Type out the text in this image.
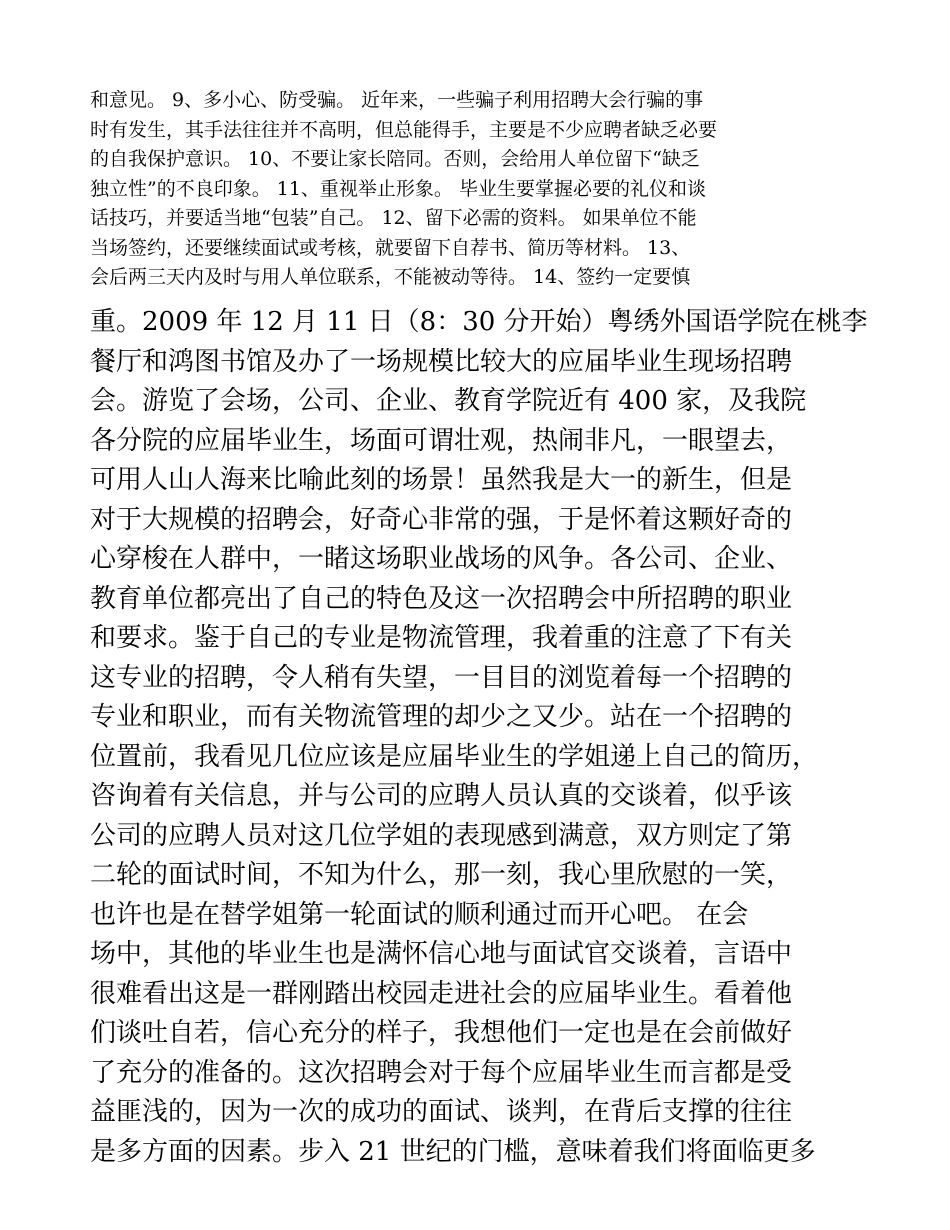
和意见。 9、多小心、防受骗。 近年来，一些骗子利用招聘大会行骗的事
时有发生，其手法往往并不高明，但总能得手，主要是不少应聘者缺乏必要
的自我保护意识。 10、不要让家长陪同。否则，会给用人单位留下“缺乏
独立性”的不良印象。 11、重视举止形象。 毕业生要掌握必要的礼仪和谈
话技巧，并要适当地“包装”自己。 12、留下必需的资料。 如果单位不能
当场签约，还要继续面试或考核，就要留下自荐书、简历等材料。 13、
会后两三天内及时与用人单位联系，不能被动等待。 14、签约一定要慎
重。2009 年 12 月 11 日（8：30 分开始）粤绣外国语学院在桃李
餐厅和鸿图书馆及办了一场规模比较大的应届毕业生现场招聘
会。游览了会场，公司、企业、教育学院近有 400 家，及我院
各分院的应届毕业生，场面可谓壮观，热闹非凡，一眼望去，
可用人山人海来比喻此刻的场景！虽然我是大一的新生，但是
对于大规模的招聘会，好奇心非常的强，于是怀着这颗好奇的
心穿梭在人群中，一睹这场职业战场的风争。各公司、企业、
教育单位都亮出了自己的特色及这一次招聘会中所招聘的职业
和要求。鉴于自己的专业是物流管理，我着重的注意了下有关
这专业的招聘，令人稍有失望，一目目的浏览着每一个招聘的
专业和职业，而有关物流管理的却少之又少。站在一个招聘的
位置前，我看见几位应该是应届毕业生的学姐递上自己的简历，
咨询着有关信息，并与公司的应聘人员认真的交谈着，似乎该
公司的应聘人员对这几位学姐的表现感到满意，双方则定了第
二轮的面试时间，不知为什么，那一刻，我心里欣慰的一笑，
也许也是在替学姐第一轮面试的顺利通过而开心吧。 在会
场中，其他的毕业生也是满怀信心地与面试官交谈着，言语中
很难看出这是一群刚踏出校园走进社会的应届毕业生。看着他
们谈吐自若，信心充分的样子，我想他们一定也是在会前做好
了充分的准备的。这次招聘会对于每个应届毕业生而言都是受
益匪浅的，因为一次的成功的面试、谈判，在背后支撑的往往
是多方面的因素。步入 21 世纪的门槛，意味着我们将面临更多
